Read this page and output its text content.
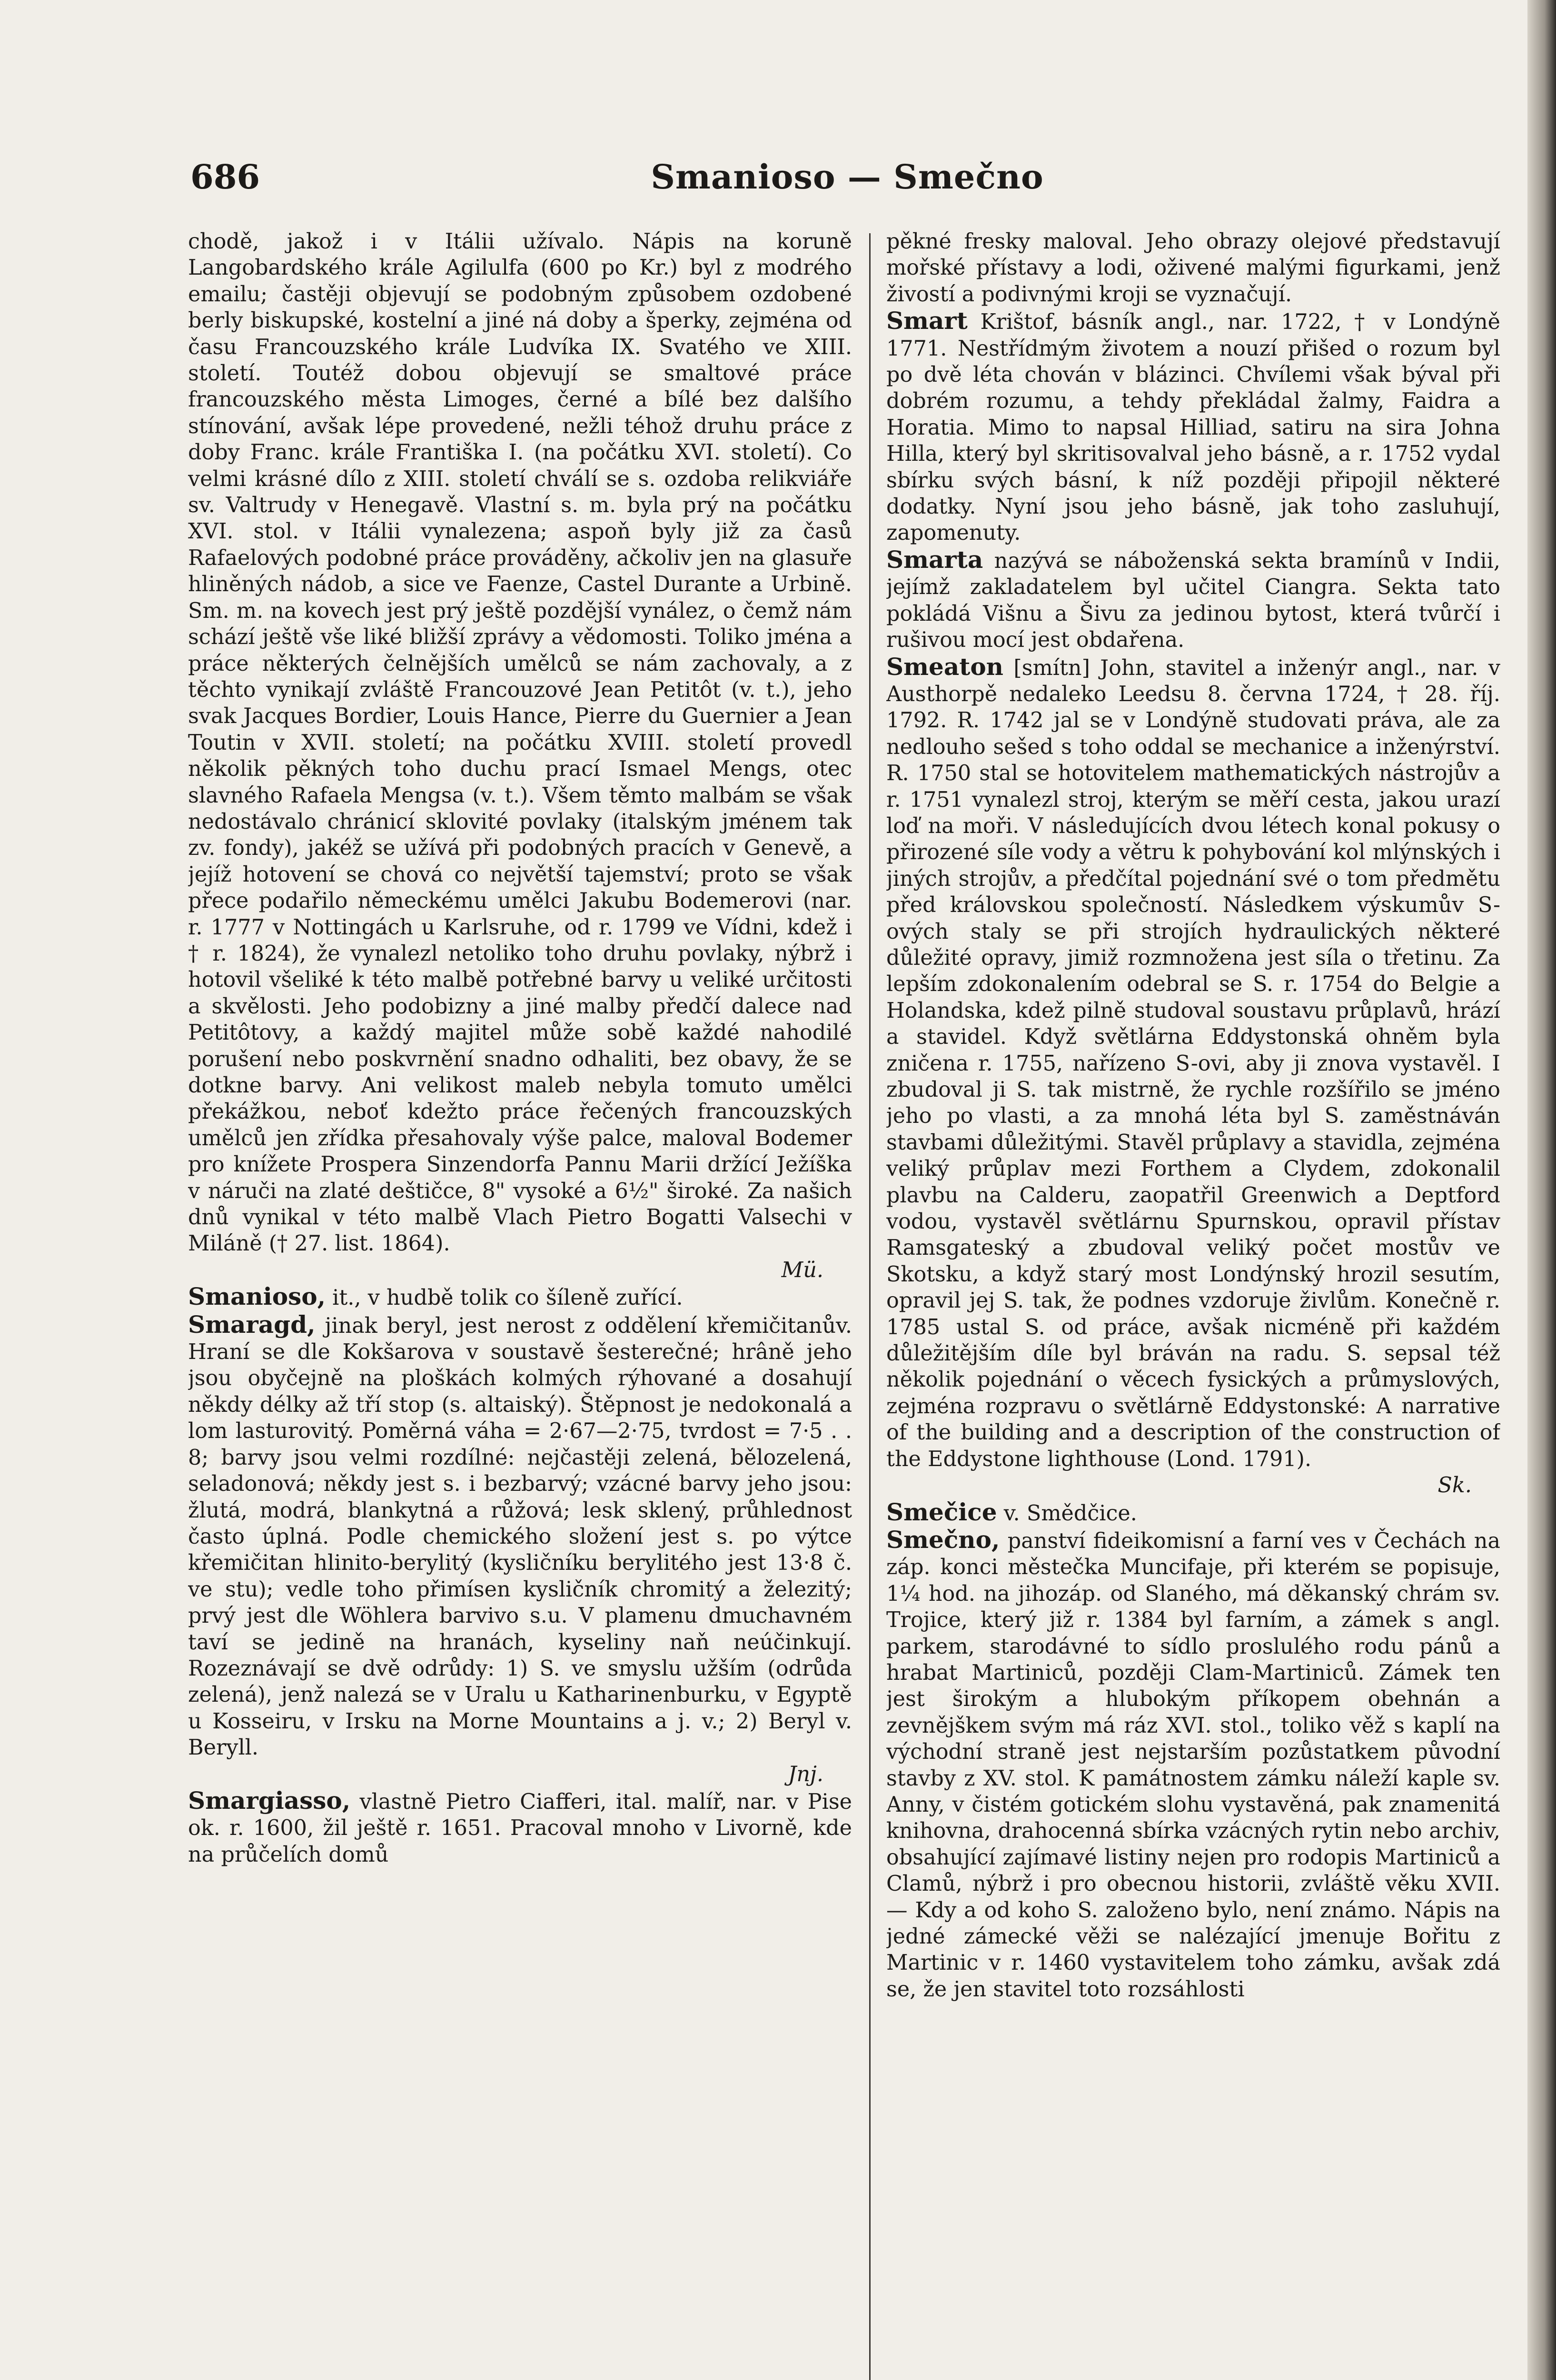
686	Smanioso — Smečno

chodě, jakož i v Itálii užívalo. Nápis na koruně Langobardského krále Agilulfa (600 po Kr.) byl z modrého emailu; častěji objevují se podobným způsobem ozdobené berly biskupské, kostelní a jiné ná doby a šperky, zejména od času Francouzského krále Ludvíka IX. Svatého ve XIII. století. Toutéž dobou objevují se smaltové práce francouzského města Limoges, černé a bílé bez dalšího stínování, avšak lépe provedené, nežli téhož druhu práce z doby Franc. krále Františka I. (na počátku XVI. století). Co velmi krásné dílo z XIII. století chválí se s. ozdoba relikviáře sv. Valtrudy v Henegavě. Vlastní s. m. byla prý na počátku XVI. stol. v Itálii vynalezena; aspoň byly již za časů Rafaelových podobné práce prováděny, ačkoliv jen na glasuře hliněných nádob, a sice ve Faenze, Castel Durante a Urbině. Sm. m. na kovech jest prý ještě pozdější vynález, o čemž nám schází ještě vše liké bližší zprávy a vědomosti. Toliko jména a práce některých čelnějších umělců se nám zachovaly, a z těchto vynikají zvláště Francouzové Jean Petitôt (v. t.), jeho svak Jacques Bordier, Louis Hance, Pierre du Guernier a Jean Toutin v XVII. století; na počátku XVIII. století provedl několik pěkných toho duchu prací Ismael Mengs, otec slavného Rafaela Mengsa (v. t.). Všem těmto malbám se však nedostávalo chránicí sklovité povlaky (italským jménem tak zv. fondy), jakéž se užívá při podobných pracích v Genevě, a jejíž hotovení se chová co největší tajemství; proto se však přece podařilo německému umělci Jakubu Bodemerovi (nar. r. 1777 v Nottingách u Karlsruhe, od r. 1799 ve Vídni, kdež i † r. 1824), že vynalezl netoliko toho druhu povlaky, nýbrž i hotovil všeliké k této malbě potřebné barvy u veliké určitosti a skvělosti. Jeho podobizny a jiné malby předčí dalece nad Petitôtovy, a každý majitel může sobě každé nahodilé porušení nebo poskvrnění snadno odhaliti, bez obavy, že se dotkne barvy. Ani velikost maleb nebyla tomuto umělci překážkou, neboť kdežto práce řečených francouzských umělců jen zřídka přesahovaly výše palce, maloval Bodemer pro knížete Prospera Sinzendorfa Pannu Marii držící Ježíška v náruči na zlaté deštičce, 8" vysoké a 6½" široké. Za našich dnů vynikal v této malbě Vlach Pietro Bogatti Valsechi v Miláně († 27. list. 1864).
Mü.

Smanioso, it., v hudbě tolik co šíleně zuřící.

Smaragd, jinak beryl, jest nerost z oddělení křemičitanův. Hraní se dle Kokšarova v soustavě šesterečné; hrâně jeho jsou obyčejně na ploškách kolmých rýhované a dosahují někdy délky až tří stop (s. altaiský). Štěpnost je nedokonalá a lom lasturovitý. Poměrná váha = 2·67—2·75, tvrdost = 7·5 . . 8; barvy jsou velmi rozdílné: nejčastěji zelená, bělozelená, seladonová; někdy jest s. i bezbarvý; vzácné barvy jeho jsou: žlutá, modrá, blankytná a růžová; lesk sklený, průhlednost často úplná. Podle chemického složení jest s. po výtce křemičitan hlinito-berylitý (kysličníku berylitého jest 13·8 č. ve stu); vedle toho přimísen kysličník chromitý a železitý; prvý jest dle Wöhlera barvivo s.u. V plamenu dmuchavném taví se jedině na hranách, kyseliny naň neúčinkují. Rozeznávají se dvě odrůdy: 1) S. ve smyslu užším (odrůda zelená), jenž nalezá se v Uralu u Katharinenburku, v Egyptě u Kosseiru, v Irsku na Morne Mountains a j. v.; 2) Beryl v. Beryll.
Jnj.

Smargiasso, vlastně Pietro Ciafferi, ital. malíř, nar. v Pise ok. r. 1600, žil ještě r. 1651. Pracoval mnoho v Livorně, kde na průčelích domů

pěkné fresky maloval. Jeho obrazy olejové představují mořské přístavy a lodi, oživené malými figurkami, jenž živostí a podivnými kroji se vyznačují.

Smart Krištof, básník angl., nar. 1722, † v Londýně 1771. Nestřídmým životem a nouzí přišed o rozum byl po dvě léta chován v blázinci. Chvílemi však býval při dobrém rozumu, a tehdy překládal žalmy, Faidra a Horatia. Mimo to napsal Hilliad, satiru na sira Johna Hilla, který byl skritisovalval jeho básně, a r. 1752 vydal sbírku svých básní, k níž později připojil některé dodatky. Nyní jsou jeho básně, jak toho zasluhují, zapomenuty.

Smarta nazývá se náboženská sekta bramínů v Indii, jejímž zakladatelem byl učitel Ciangra. Sekta tato pokládá Višnu a Šivu za jedinou bytost, která tvůrčí i rušivou mocí jest obdařena.

Smeaton [smítn] John, stavitel a inženýr angl., nar. v Austhorpě nedaleko Leedsu 8. června 1724, † 28. říj. 1792. R. 1742 jal se v Londýně studovati práva, ale za nedlouho sešed s toho oddal se mechanice a inženýrství. R. 1750 stal se hotovitelem mathematických nástrojův a r. 1751 vynalezl stroj, kterým se měří cesta, jakou urazí loď na moři. V následujících dvou létech konal pokusy o přirozené síle vody a větru k pohybování kol mlýnských i jiných strojův, a předčítal pojednání své o tom předmětu před královskou společností. Následkem výskumův S-ových staly se při strojích hydraulických některé důležité opravy, jimiž rozmnožena jest síla o třetinu. Za lepším zdokonalením odebral se S. r. 1754 do Belgie a Holandska, kdež pilně studoval soustavu průplavů, hrází a stavidel. Když světlárna Eddystonská ohněm byla zničena r. 1755, nařízeno S-ovi, aby ji znova vystavěl. I zbudoval ji S. tak mistrně, že rychle rozšířilo se jméno jeho po vlasti, a za mnohá léta byl S. zaměstnáván stavbami důležitými. Stavěl průplavy a stavidla, zejména veliký průplav mezi Forthem a Clydem, zdokonalil plavbu na Calderu, zaopatřil Greenwich a Deptford vodou, vystavěl světlárnu Spurnskou, opravil přístav Ramsgateský a zbudoval veliký počet mostův ve Skotsku, a když starý most Londýnský hrozil sesutím, opravil jej S. tak, že podnes vzdoruje živlům. Konečně r. 1785 ustal S. od práce, avšak nicméně při každém důležitějším díle byl bráván na radu. S. sepsal též několik pojednání o věcech fysických a průmyslových, zejména rozpravu o světlárně Eddystonské: A narrative of the building and a description of the construction of the Eddystone lighthouse (Lond. 1791).
Sk.

Smečice v. Smědčice.

Smečno, panství fideikomisní a farní ves v Čechách na záp. konci městečka Muncifaje, při kterém se popisuje, 1¼ hod. na jihozáp. od Slaného, má děkanský chrám sv. Trojice, který již r. 1384 byl farním, a zámek s angl. parkem, starodávné to sídlo proslulého rodu pánů a hrabat Martiniců, později Clam-Martiniců. Zámek ten jest širokým a hlubokým příkopem obehnán a zevnějškem svým má ráz XVI. stol., toliko věž s kaplí na východní straně jest nejstarším pozůstatkem původní stavby z XV. stol. K památnostem zámku náleží kaple sv. Anny, v čistém gotickém slohu vystavěná, pak znamenitá knihovna, drahocenná sbírka vzácných rytin nebo archiv, obsahující zajímavé listiny nejen pro rodopis Martiniců a Clamů, nýbrž i pro obecnou historii, zvláště věku XVII. — Kdy a od koho S. založeno bylo, není známo. Nápis na jedné zámecké věži se nalézající jmenuje Bořitu z Martinic v r. 1460 vystavitelem toho zámku, avšak zdá se, že jen stavitel toto rozsáhlosti
